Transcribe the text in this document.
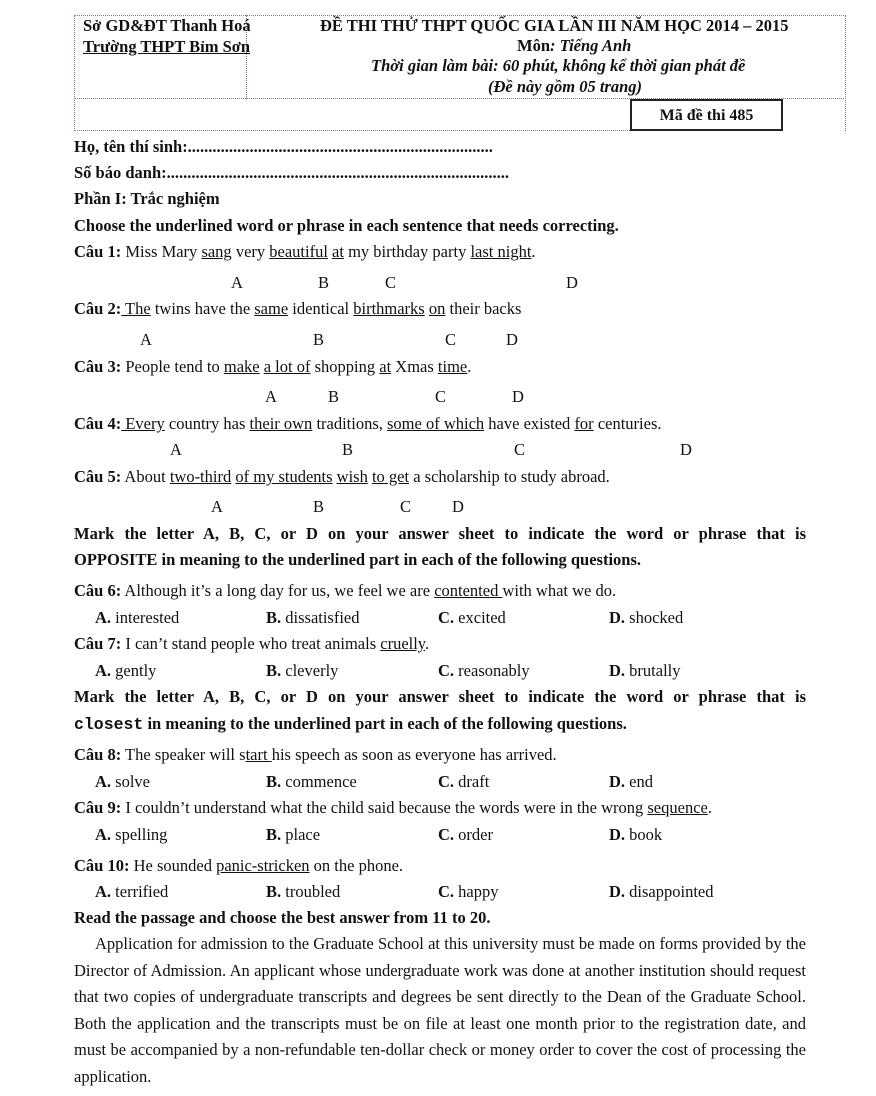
Sở GD&ĐT Thanh Hoá
Trường THPT Bỉm Sơn
ĐỀ THI THỬ THPT QUỐC GIA LẦN III NĂM HỌC 2014 – 2015
Môn: Tiếng Anh
Thời gian làm bài: 60 phút, không kể thời gian phát đề
(Đề này gồm 05 trang)
Mã đề thi 485
Họ, tên thí sinh:..........................................................................
Số báo danh:...................................................................................
Phần I: Trắc nghiệm
Choose the underlined word or phrase in each sentence that needs correcting.
Câu 1: Miss Mary sang very beautiful at my birthday party last night.
A	B	C	D
Câu 2: The twins have the same identical birthmarks on their backs
A	B	C	D
Câu 3: People tend to make a lot of shopping at Xmas time.
A	B	C	D
Câu 4: Every country has their own traditions, some of which have existed for centuries.
A	B	C	D
Câu 5: About two-third of my students wish to get a scholarship to study abroad.
A	B	C D
Mark the letter A, B, C, or D on your answer sheet to indicate the word or phrase that is
OPPOSITE in meaning to the underlined part in each of the following questions.
Câu 6: Although it’s a long day for us, we feel we are contented with what we do.
A. interested	B. dissatisfied	C. excited	D. shocked
Câu 7: I can’t stand people who treat animals cruelly.
A. gently	B. cleverly	C. reasonably	D. brutally
Mark the letter A, B, C, or D on your answer sheet to indicate the word or phrase that is
closest in meaning to the underlined part in each of the following questions.
Câu 8: The speaker will start his speech as soon as everyone has arrived.
A. solve	B. commence	C. draft	D. end
Câu 9: I couldn’t understand what the child said because the words were in the wrong sequence.
A. spelling	B. place	C. order	D. book
Câu 10: He sounded panic-stricken on the phone.
A. terrified	B. troubled	C. happy	D. disappointed
Read the passage and choose the best answer from 11 to 20.
Application for admission to the Graduate School at this university must be made on forms provided by the Director of Admission. An applicant whose undergraduate work was done at another institution should request that two copies of undergraduate transcripts and degrees be sent directly to the Dean of the Graduate School. Both the application and the transcripts must be on file at least one month prior to the registration date, and must be accompanied by a non-refundable ten-dollar check or money order to cover the cost of processing the application.
